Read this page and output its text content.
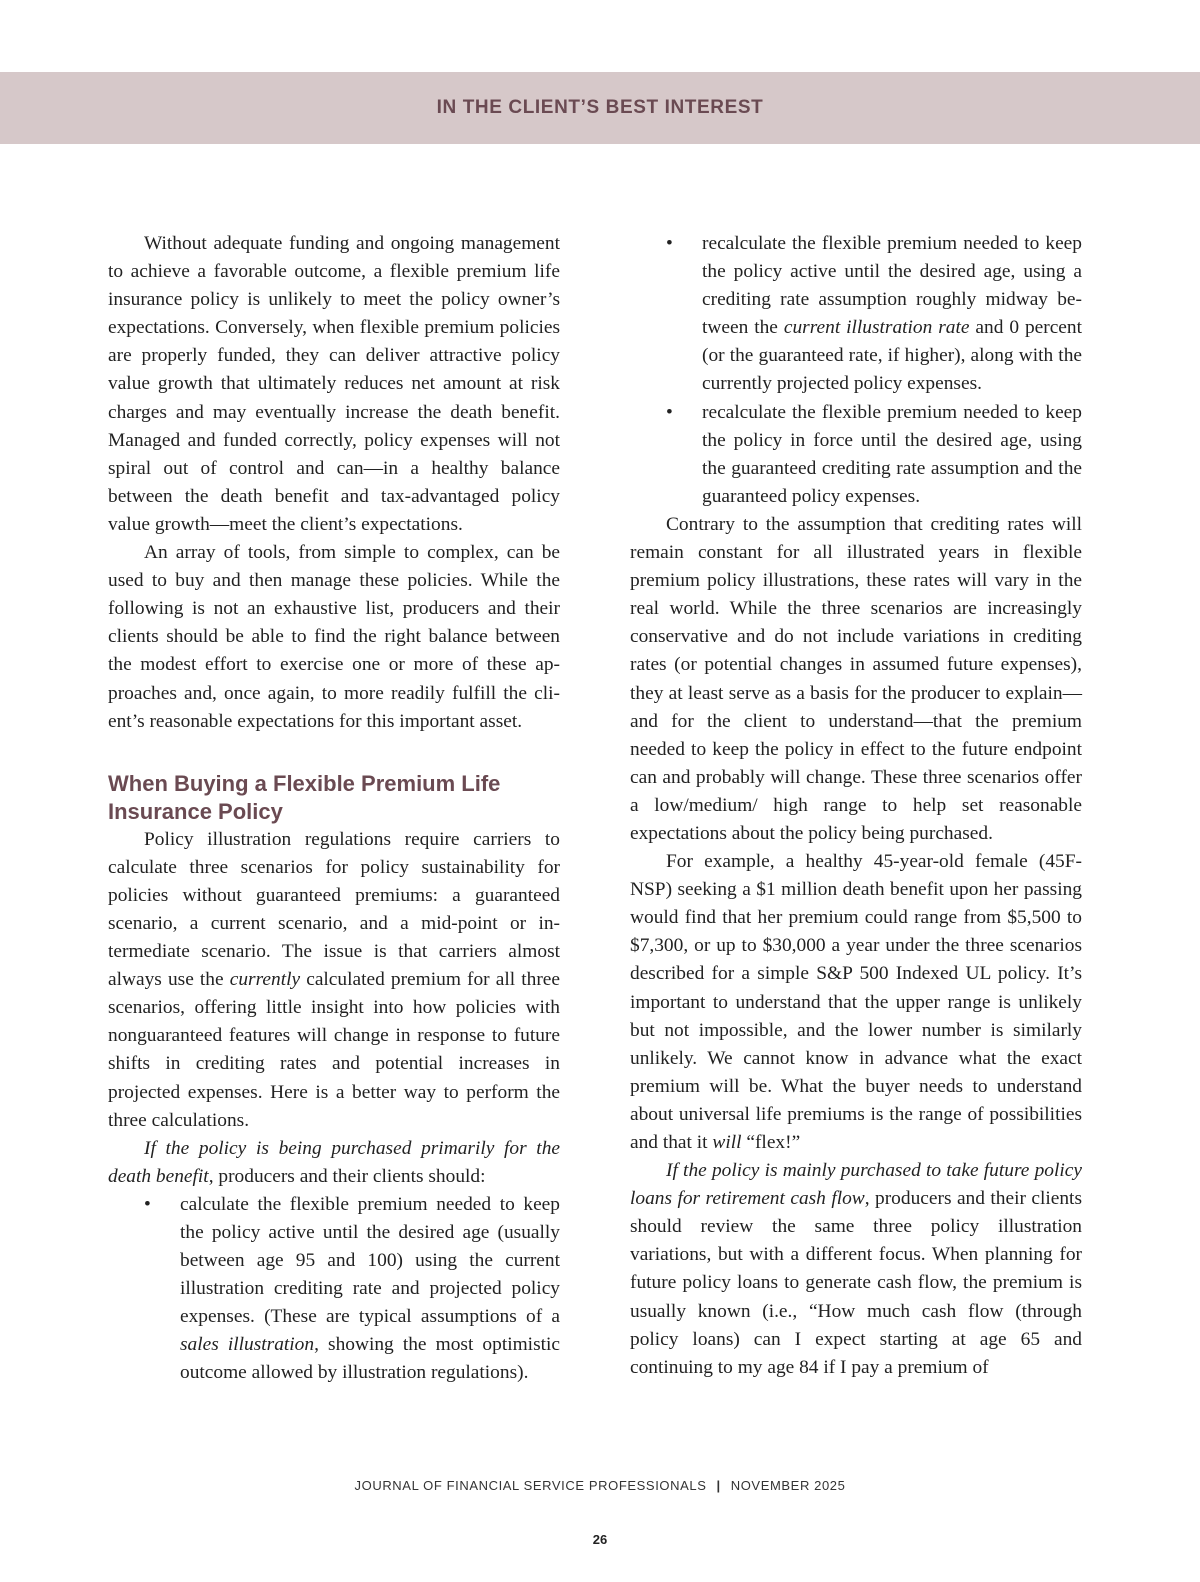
IN THE CLIENT’S BEST INTEREST

Without adequate funding and ongoing management to achieve a favorable outcome, a flexible premium life insurance policy is unlikely to meet the policy owner’s expectations. Conversely, when flexible premium policies are properly funded, they can deliver attractive policy value growth that ultimately reduces net amount at risk charges and may eventually increase the death benefit. Managed and funded correctly, policy expenses will not spiral out of control and can—in a healthy balance between the death benefit and tax-advantaged policy value growth—meet the client’s expectations.

An array of tools, from simple to complex, can be used to buy and then manage these policies. While the following is not an exhaustive list, producers and their clients should be able to find the right balance between the modest effort to exercise one or more of these approaches and, once again, to more readily fulfill the client’s reasonable expectations for this important asset.

When Buying a Flexible Premium Life Insurance Policy

Policy illustration regulations require carriers to calculate three scenarios for policy sustainability for policies without guaranteed premiums: a guaranteed scenario, a current scenario, and a mid-point or intermediate scenario. The issue is that carriers almost always use the currently calculated premium for all three scenarios, offering little insight into how policies with nonguaranteed features will change in response to future shifts in crediting rates and potential increases in projected expenses. Here is a better way to perform the three calculations.

If the policy is being purchased primarily for the death benefit, producers and their clients should:

• calculate the flexible premium needed to keep the policy active until the desired age (usually between age 95 and 100) using the current illustration crediting rate and projected policy expenses. (These are typical assumptions of a sales illustration, showing the most optimistic outcome allowed by illustration regulations).
• recalculate the flexible premium needed to keep the policy active until the desired age, using a crediting rate assumption roughly midway between the current illustration rate and 0 percent (or the guaranteed rate, if higher), along with the currently projected policy expenses.
• recalculate the flexible premium needed to keep the policy in force until the desired age, using the guaranteed crediting rate assumption and the guaranteed policy expenses.

Contrary to the assumption that crediting rates will remain constant for all illustrated years in flexible premium policy illustrations, these rates will vary in the real world. While the three scenarios are increasingly conservative and do not include variations in crediting rates (or potential changes in assumed future expenses), they at least serve as a basis for the producer to explain—and for the client to understand—that the premium needed to keep the policy in effect to the future endpoint can and probably will change. These three scenarios offer a low/medium/ high range to help set reasonable expectations about the policy being purchased.

For example, a healthy 45-year-old female (45F-NSP) seeking a $1 million death benefit upon her passing would find that her premium could range from $5,500 to $7,300, or up to $30,000 a year under the three scenarios described for a simple S&P 500 Indexed UL policy. It’s important to understand that the upper range is unlikely but not impossible, and the lower number is similarly unlikely. We cannot know in advance what the exact premium will be. What the buyer needs to understand about universal life premiums is the range of possibilities and that it will “flex!”

If the policy is mainly purchased to take future policy loans for retirement cash flow, producers and their clients should review the same three policy illustration variations, but with a different focus. When planning for future policy loans to generate cash flow, the premium is usually known (i.e., “How much cash flow (through policy loans) can I expect starting at age 65 and continuing to my age 84 if I pay a premium of

JOURNAL OF FINANCIAL SERVICE PROFESSIONALS | NOVEMBER 2025
26
